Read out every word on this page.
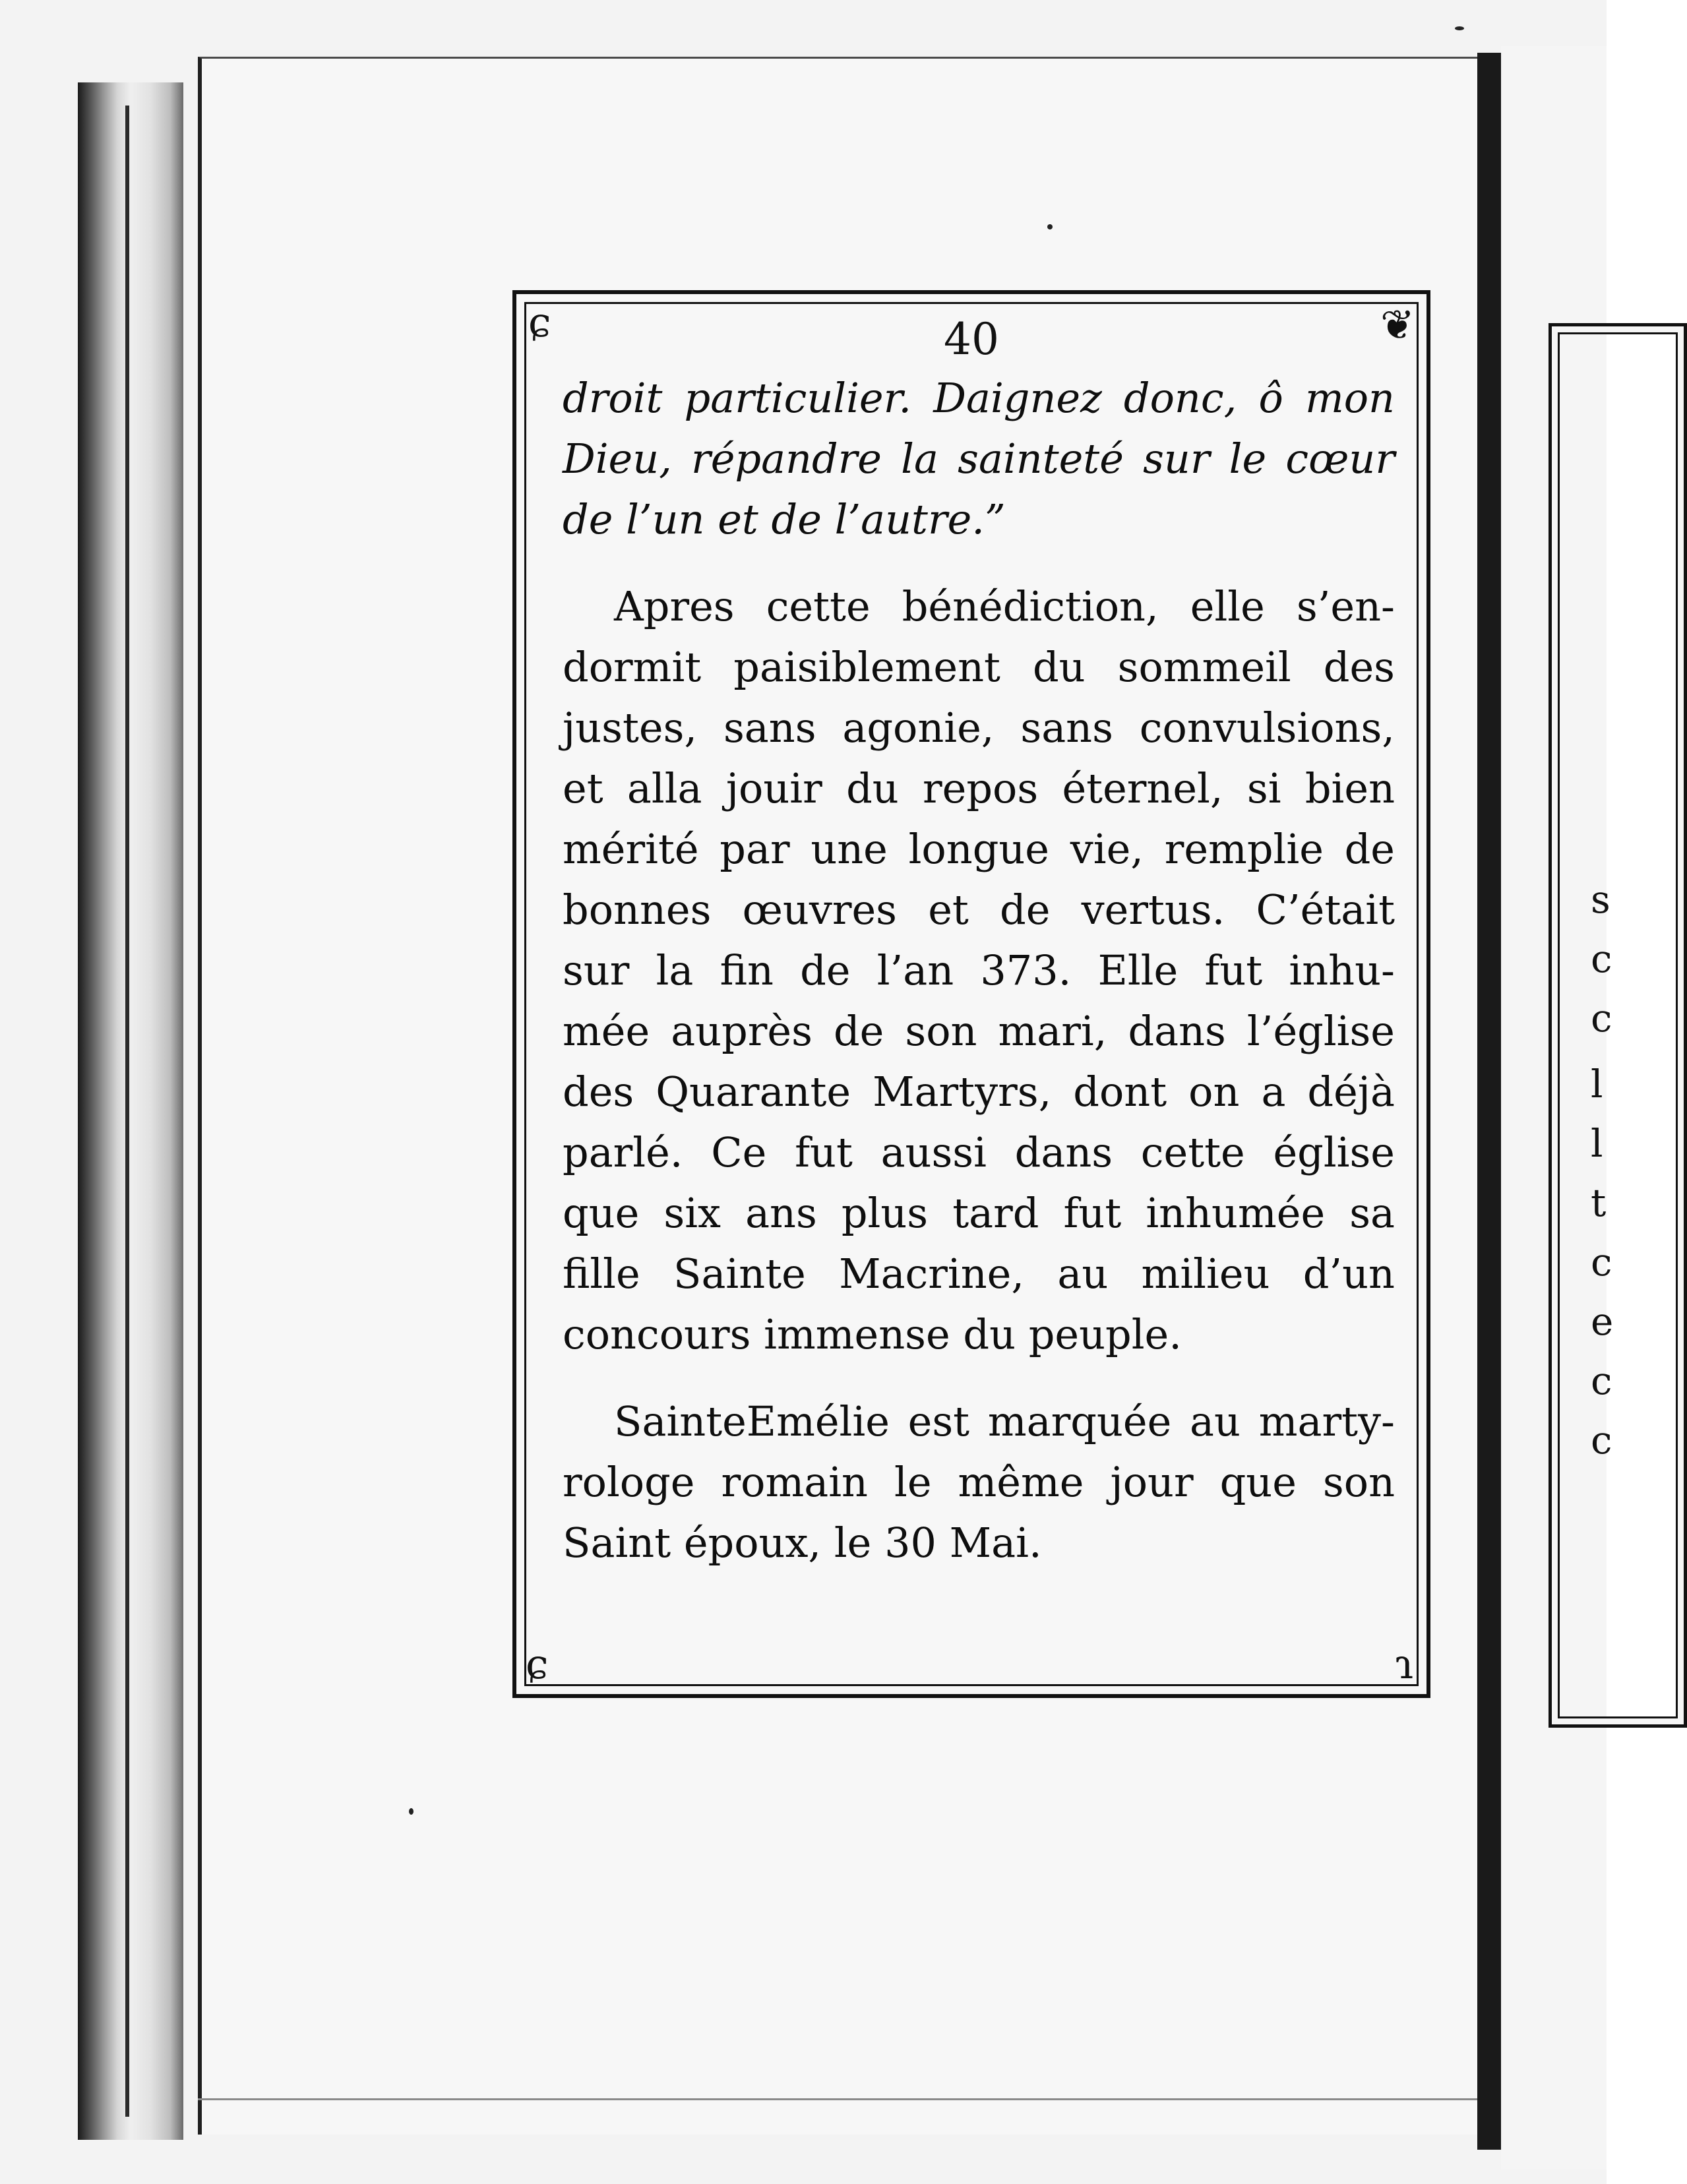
s
c
c
l
l
t
c
e
c
c
ɕ	❦
ɕ	ɿ
40
droit particulier. Daignez donc, ô mon
Dieu, répandre la sainteté sur le cœur
de l’un et de l’autre.”
Apres cette bénédiction, elle s’en-
dormit paisiblement du sommeil des
justes, sans agonie, sans convulsions,
et alla jouir du repos éternel, si bien
mérité par une longue vie, remplie de
bonnes œuvres et de vertus. C’était
sur la fin de l’an 373. Elle fut inhu-
mée auprès de son mari, dans l’église
des Quarante Martyrs, dont on a déjà
parlé. Ce fut aussi dans cette église
que six ans plus tard fut inhumée sa
fille Sainte Macrine, au milieu d’un
concours immense du peuple.
SainteEmélie est marquée au marty-
rologe romain le même jour que son
Saint époux, le 30 Mai.
